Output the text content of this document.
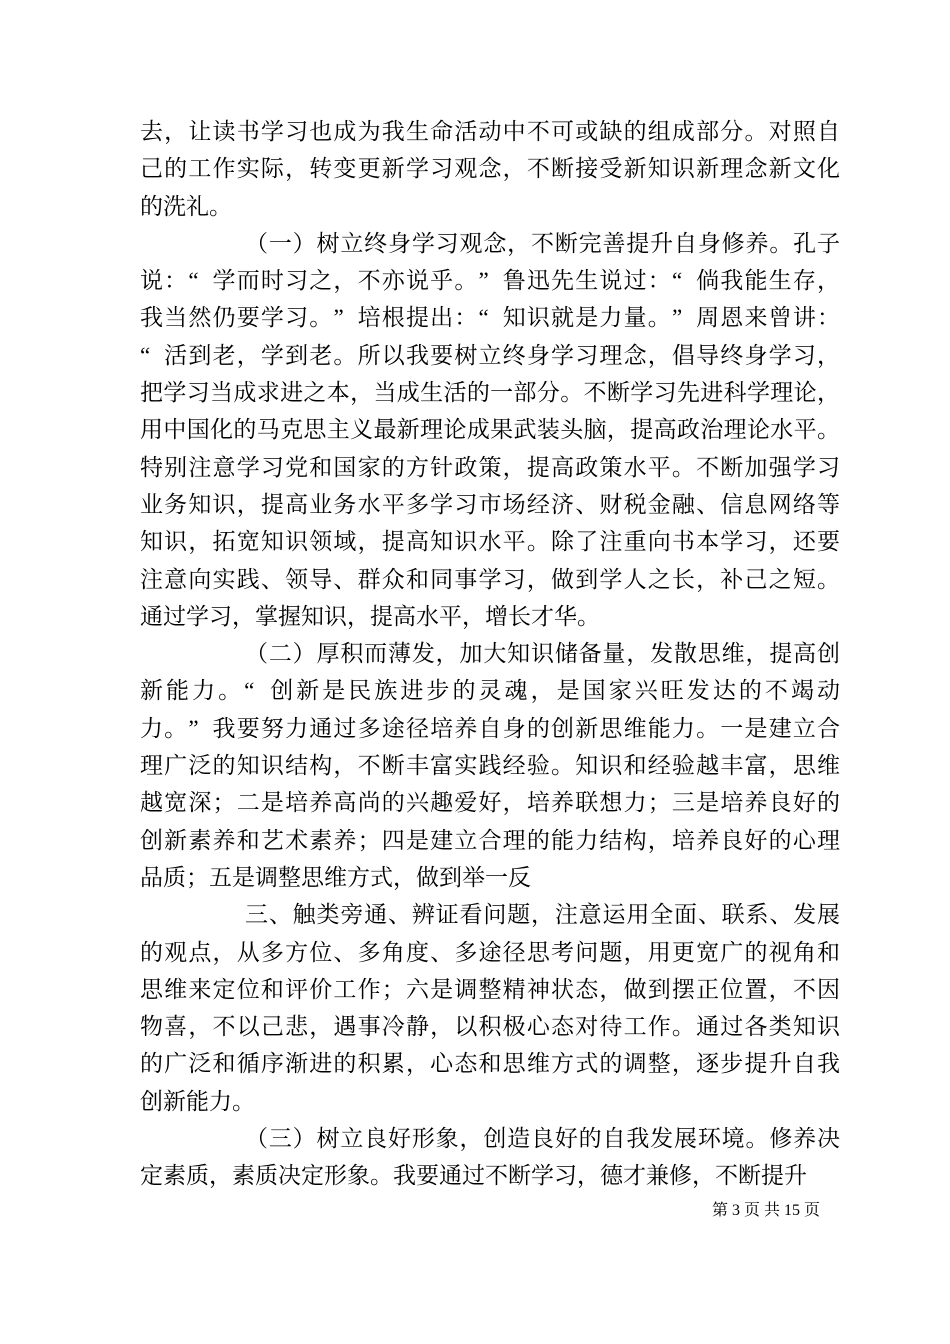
去，让读书学习也成为我生命活动中不可或缺的组成部分。对照自
己的工作实际，转变更新学习观念，不断接受新知识新理念新文化
的洗礼。
（一）树立终身学习观念，不断完善提升自身修养。孔子
说：“ 学而时习之，不亦说乎。” 鲁迅先生说过：“ 倘我能生存，
我当然仍要学习。” 培根提出：“ 知识就是力量。” 周恩来曾讲：
“ 活到老，学到老。所以我要树立终身学习理念，倡导终身学习，
把学习当成求进之本，当成生活的一部分。不断学习先进科学理论，
用中国化的马克思主义最新理论成果武装头脑，提高政治理论水平。
特别注意学习党和国家的方针政策，提高政策水平。不断加强学习
业务知识，提高业务水平多学习市场经济、财税金融、信息网络等
知识，拓宽知识领域，提高知识水平。除了注重向书本学习，还要
注意向实践、领导、群众和同事学习，做到学人之长，补己之短。
通过学习，掌握知识，提高水平，增长才华。
（二）厚积而薄发，加大知识储备量，发散思维，提高创
新能力。“ 创新是民族进步的灵魂，是国家兴旺发达的不竭动
力。” 我要努力通过多途径培养自身的创新思维能力。一是建立合
理广泛的知识结构，不断丰富实践经验。知识和经验越丰富，思维
越宽深；二是培养高尚的兴趣爱好，培养联想力；三是培养良好的
创新素养和艺术素养；四是建立合理的能力结构，培养良好的心理
品质；五是调整思维方式，做到举一反
三、触类旁通、辨证看问题，注意运用全面、联系、发展
的观点，从多方位、多角度、多途径思考问题，用更宽广的视角和
思维来定位和评价工作；六是调整精神状态，做到摆正位置，不因
物喜，不以己悲，遇事冷静，以积极心态对待工作。通过各类知识
的广泛和循序渐进的积累，心态和思维方式的调整，逐步提升自我
创新能力。
（三）树立良好形象，创造良好的自我发展环境。修养决
定素质，素质决定形象。我要通过不断学习，德才兼修，不断提升
第 3 页 共 15 页
